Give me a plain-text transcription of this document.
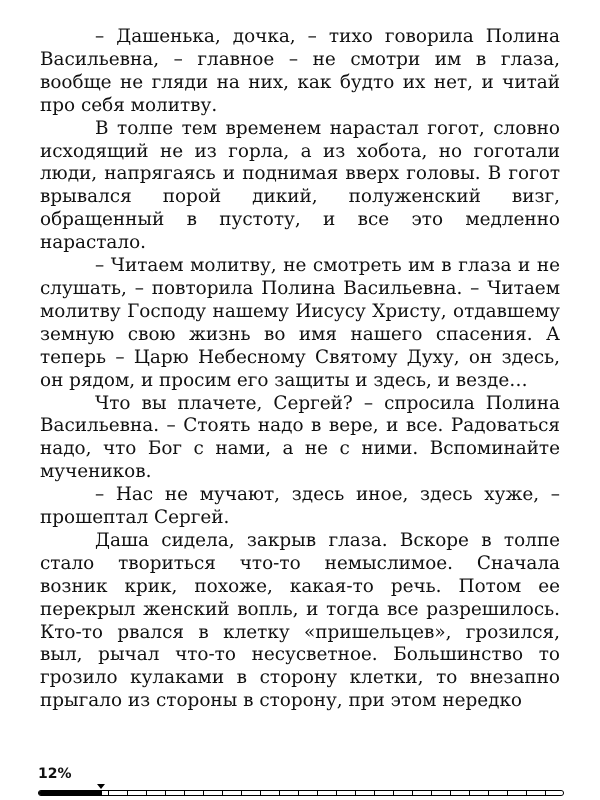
– Дашенька, дочка, – тихо говорила Полина Васильевна, – главное – не смотри им в глаза, вообще не гляди на них, как будто их нет, и читай про себя молитву.

В толпе тем временем нарастал гогот, словно исходящий не из горла, а из хобота, но гоготали люди, напрягаясь и поднимая вверх головы. В гогот врывался порой дикий, полуженский визг, обращенный в пустоту, и все это медленно нарастало.

– Читаем молитву, не смотреть им в глаза и не слушать, – повторила Полина Васильевна. – Читаем молитву Господу нашему Иисусу Христу, отдавшему земную свою жизнь во имя нашего спасения. А теперь – Царю Небесному Святому Духу, он здесь, он рядом, и просим его защиты и здесь, и везде…

Что вы плачете, Сергей? – спросила Полина Васильевна. – Стоять надо в вере, и все. Радоваться надо, что Бог с нами, а не с ними. Вспоминайте мучеников.

– Нас не мучают, здесь иное, здесь хуже, – прошептал Сергей.

Даша сидела, закрыв глаза. Вскоре в толпе стало твориться что-то немыслимое. Сначала возник крик, похоже, какая-то речь. Потом ее перекрыл женский вопль, и тогда все разрешилось. Кто-то рвался в клетку «пришельцев», грозился, выл, рычал что-то несусветное. Большинство то грозило кулаками в сторону клетки, то внезапно прыгало из стороны в сторону, при этом нередко

12%
